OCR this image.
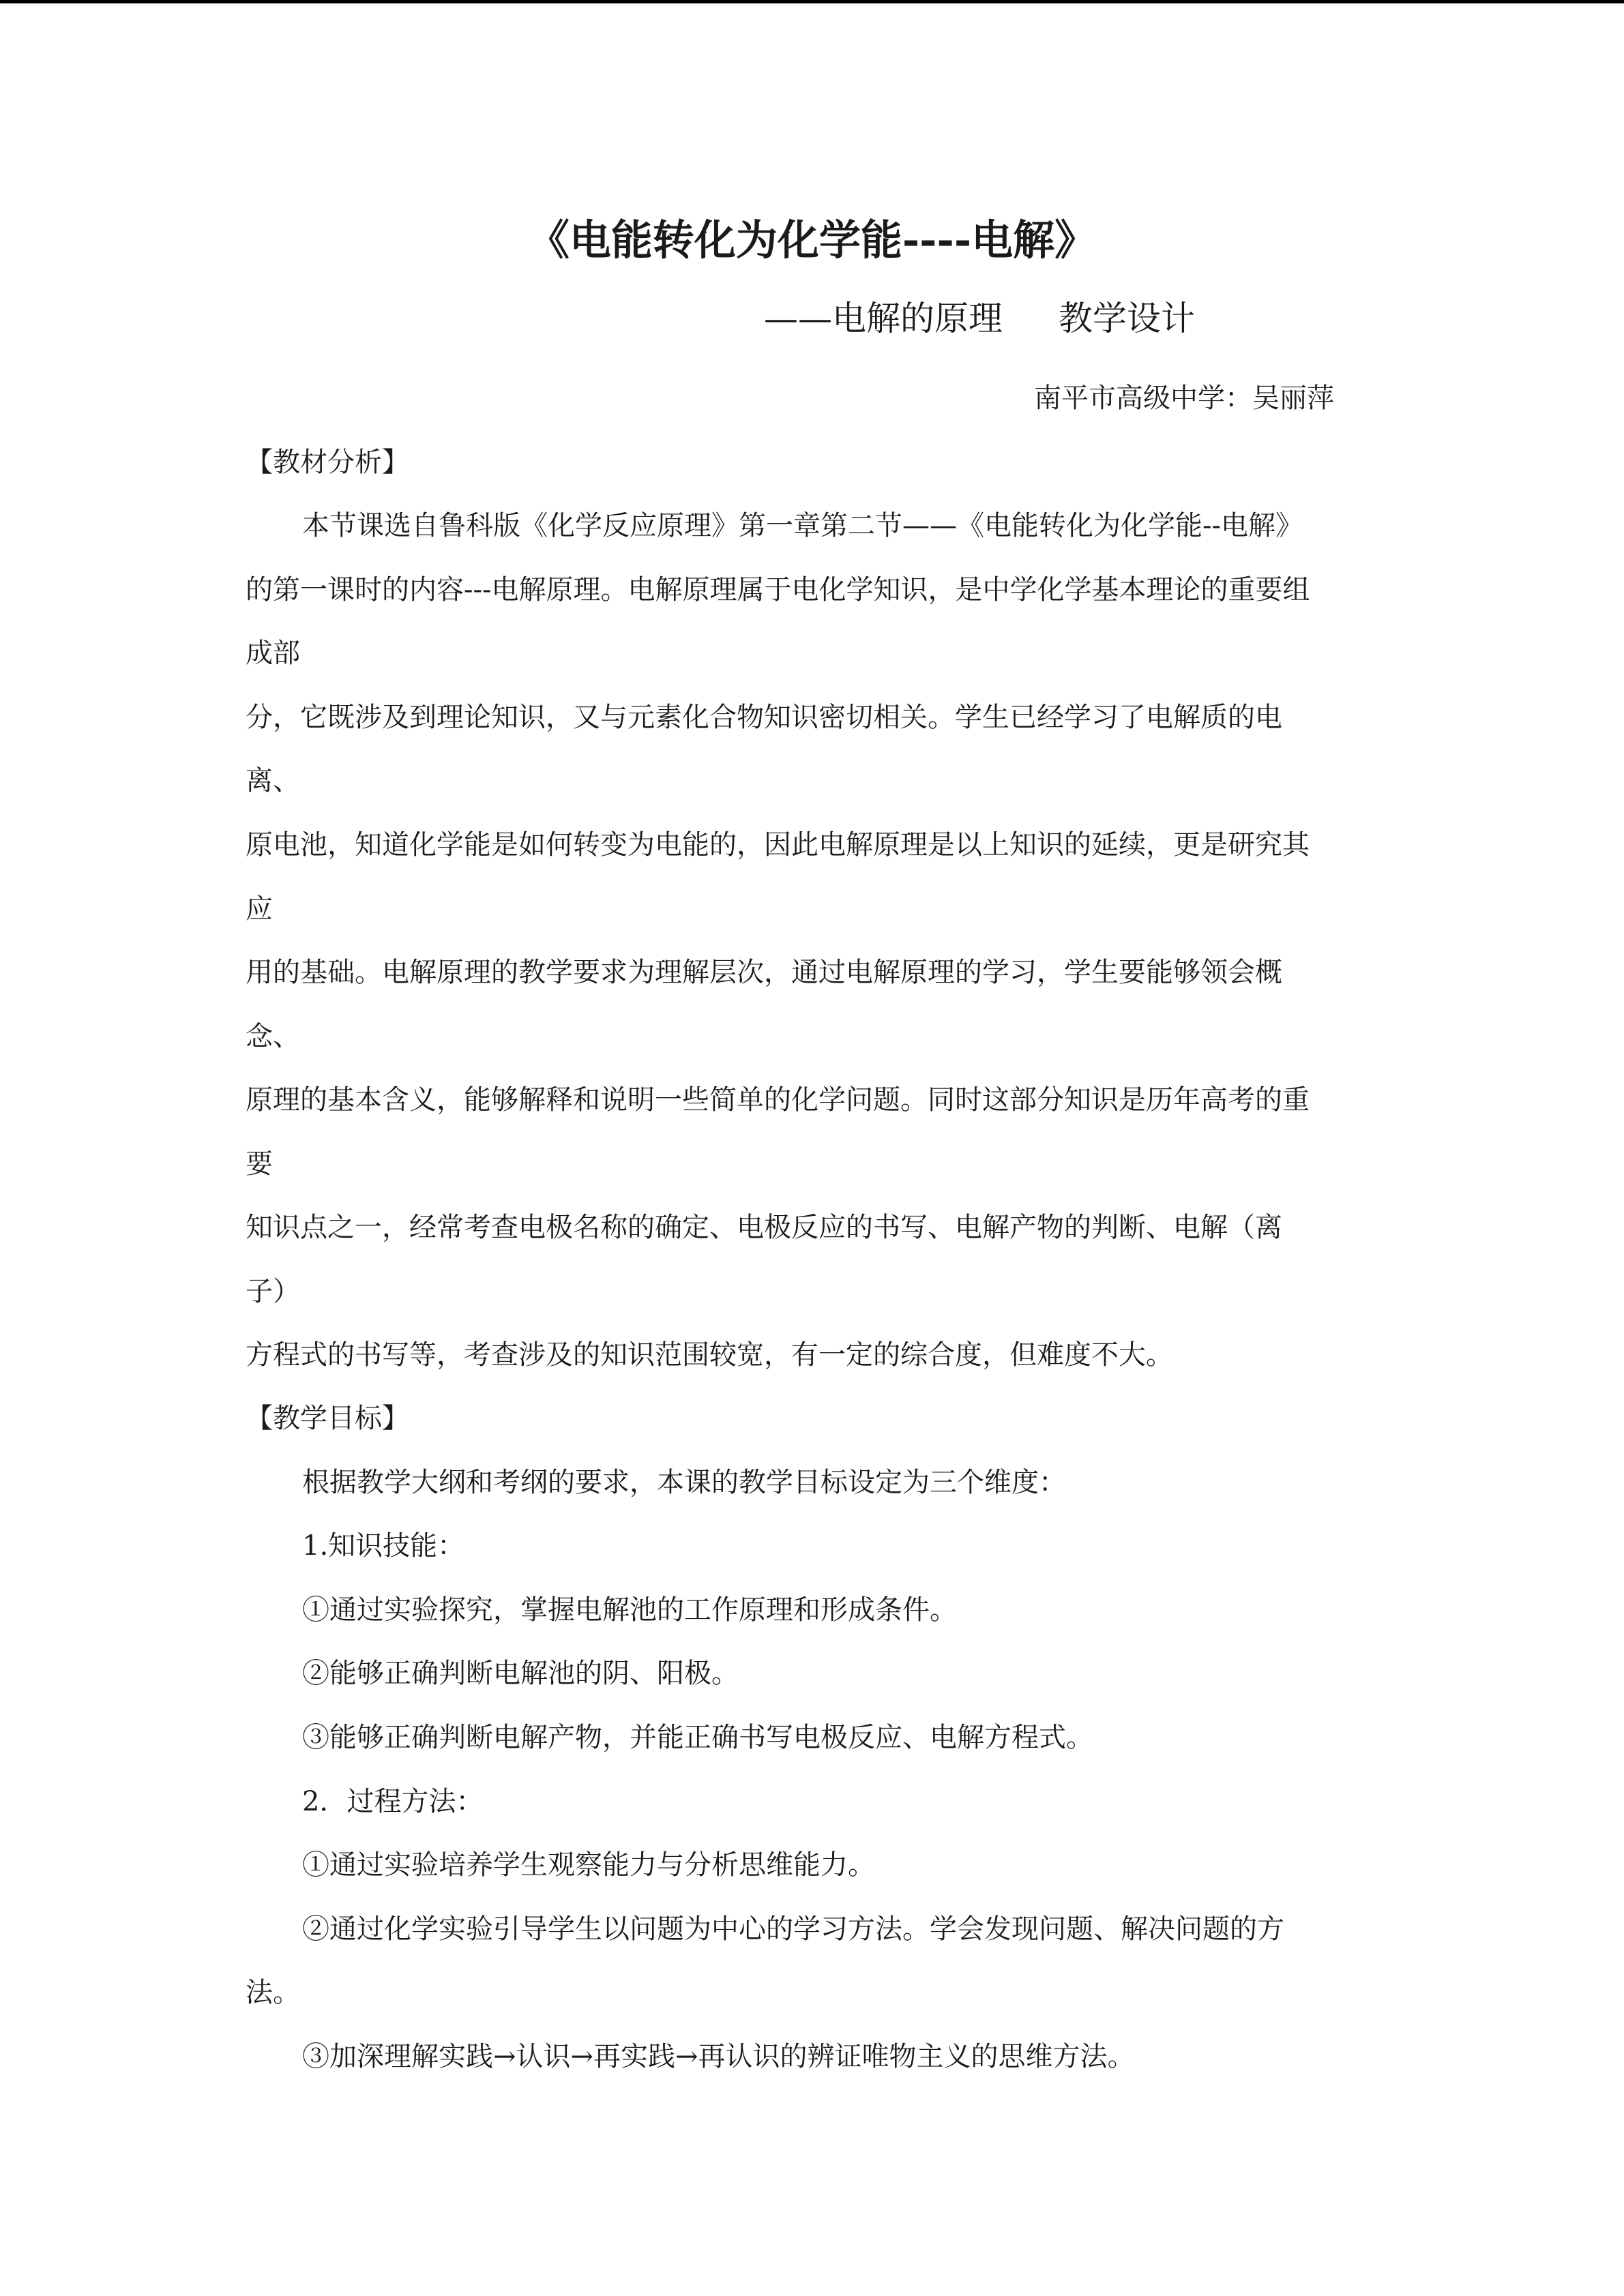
《电能转化为化学能----电解》
——电解的原理 教学设计
南平市高级中学：吴丽萍
【教材分析】
本节课选自鲁科版《化学反应原理》第一章第二节——《电能转化为化学能--电解》
的第一课时的内容---电解原理。电解原理属于电化学知识，是中学化学基本理论的重要组
成部
分，它既涉及到理论知识，又与元素化合物知识密切相关。学生已经学习了电解质的电
离、
原电池，知道化学能是如何转变为电能的，因此电解原理是以上知识的延续，更是研究其
应
用的基础。电解原理的教学要求为理解层次，通过电解原理的学习，学生要能够领会概
念、
原理的基本含义，能够解释和说明一些简单的化学问题。同时这部分知识是历年高考的重
要
知识点之一，经常考查电极名称的确定、电极反应的书写、电解产物的判断、电解（离
子）
方程式的书写等，考查涉及的知识范围较宽，有一定的综合度，但难度不大。
【教学目标】
根据教学大纲和考纲的要求，本课的教学目标设定为三个维度：
1.知识技能：
①通过实验探究，掌握电解池的工作原理和形成条件。
②能够正确判断电解池的阴、阳极。
③能够正确判断电解产物，并能正确书写电极反应、电解方程式。
2．过程方法：
①通过实验培养学生观察能力与分析思维能力。
②通过化学实验引导学生以问题为中心的学习方法。学会发现问题、解决问题的方
法。
③加深理解实践→认识→再实践→再认识的辨证唯物主义的思维方法。
